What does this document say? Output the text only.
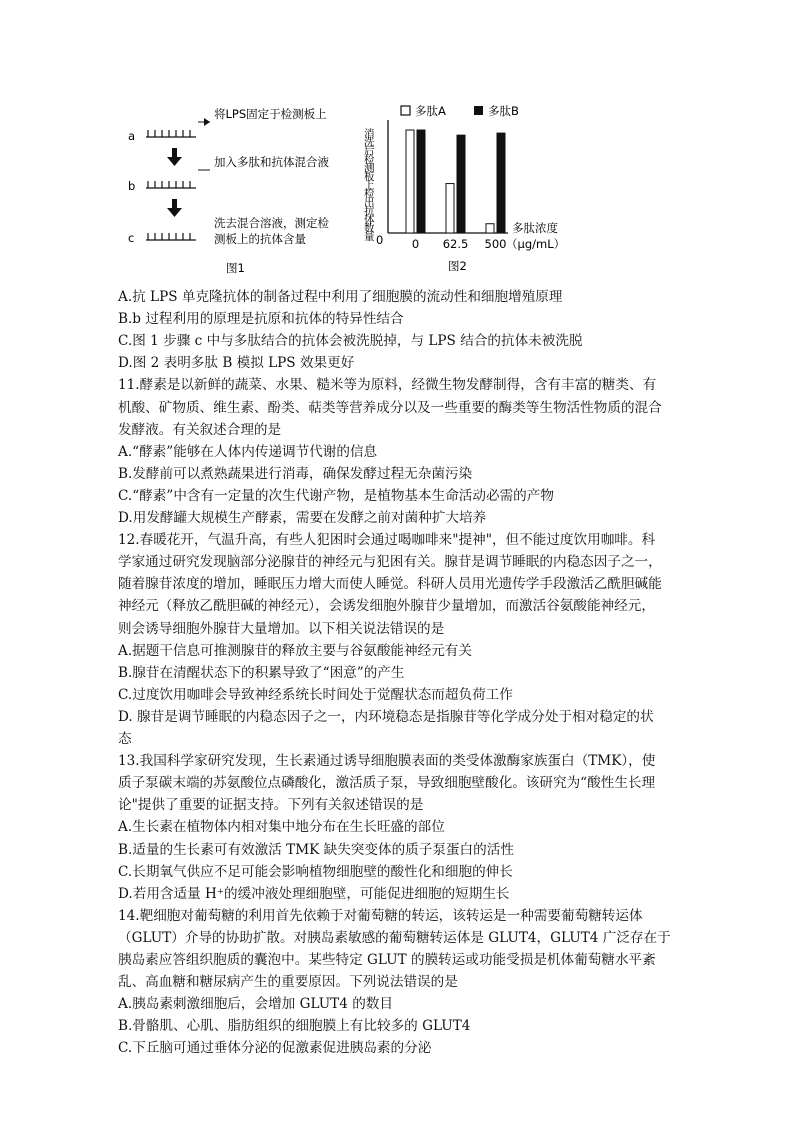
a
b
c
将LPS固定于检测板上
加入多肽和抗体混合液
洗去混合溶液，测定检
测板上的抗体含量
图1
多肽A	多肽B
消
洗
后
检
测
板
上
检
出
抗
体
数
量 0 0 62.5 500
多肽浓度
（μg/mL）
图2
A.抗 LPS 单克隆抗体的制备过程中利用了细胞膜的流动性和细胞增殖原理
B.b 过程利用的原理是抗原和抗体的特异性结合
C.图 1 步骤 c 中与多肽结合的抗体会被洗脱掉，与 LPS 结合的抗体未被洗脱
D.图 2 表明多肽 B 模拟 LPS 效果更好
11.酵素是以新鲜的蔬菜、水果、糙米等为原料，经微生物发酵制得，含有丰富的糖类、有
机酸、矿物质、维生素、酚类、萜类等营养成分以及一些重要的酶类等生物活性物质的混合
发酵液。有关叙述合理的是
A.“酵素”能够在人体内传递调节代谢的信息
B.发酵前可以煮熟蔬果进行消毒，确保发酵过程无杂菌污染
C.“酵素”中含有一定量的次生代谢产物，是植物基本生命活动必需的产物
D.用发酵罐大规模生产酵素，需要在发酵之前对菌种扩大培养
12.春暖花开，气温升高，有些人犯困时会通过喝咖啡来"提神"，但不能过度饮用咖啡。科
学家通过研究发现脑部分泌腺苷的神经元与犯困有关。腺苷是调节睡眠的内稳态因子之一，
随着腺苷浓度的增加，睡眠压力增大而使人睡觉。科研人员用光遗传学手段激活乙酰胆碱能
神经元（释放乙酰胆碱的神经元），会诱发细胞外腺苷少量增加，而激活谷氨酸能神经元，
则会诱导细胞外腺苷大量增加。以下相关说法错误的是
A.据题干信息可推测腺苷的释放主要与谷氨酸能神经元有关
B.腺苷在清醒状态下的积累导致了“困意”的产生
C.过度饮用咖啡会导致神经系统长时间处于觉醒状态而超负荷工作
D. 腺苷是调节睡眠的内稳态因子之一，内环境稳态是指腺苷等化学成分处于相对稳定的状
态
13.我国科学家研究发现，生长素通过诱导细胞膜表面的类受体激酶家族蛋白（TMK），使
质子泵碳末端的苏氨酸位点磷酸化，激活质子泵，导致细胞壁酸化。该研究为“酸性生长理
论"提供了重要的证据支持。下列有关叙述错误的是
A.生长素在植物体内相对集中地分布在生长旺盛的部位
B.适量的生长素可有效激活 TMK 缺失突变体的质子泵蛋白的活性
C.长期氧气供应不足可能会影响植物细胞壁的酸性化和细胞的伸长
D.若用含适量 H⁺的缓冲液处理细胞壁，可能促进细胞的短期生长
14.靶细胞对葡萄糖的利用首先依赖于对葡萄糖的转运，该转运是一种需要葡萄糖转运体
（GLUT）介导的协助扩散。对胰岛素敏感的葡萄糖转运体是 GLUT4，GLUT4 广泛存在于
胰岛素应答组织胞质的囊泡中。某些特定 GLUT 的膜转运或功能受损是机体葡萄糖水平紊
乱、高血糖和糖尿病产生的重要原因。下列说法错误的是
A.胰岛素刺激细胞后，会增加 GLUT4 的数目
B.骨骼肌、心肌、脂肪组织的细胞膜上有比较多的 GLUT4
C.下丘脑可通过垂体分泌的促激素促进胰岛素的分泌
